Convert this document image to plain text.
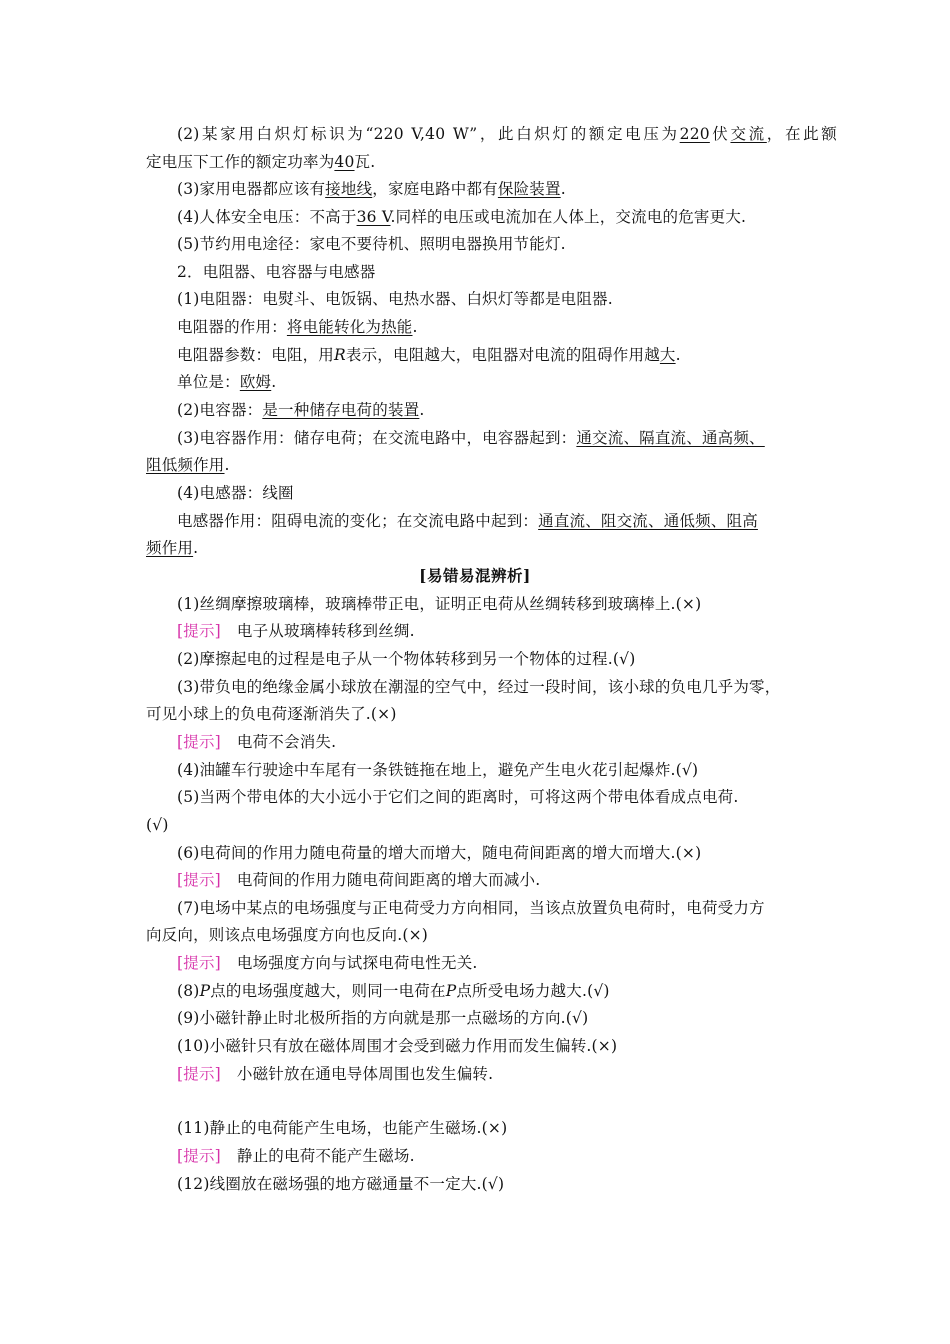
(2)某家用白炽灯标识为“220 V,40 W”，此白炽灯的额定电压为220伏交流，在此额
定电压下工作的额定功率为40瓦.
(3)家用电器都应该有接地线，家庭电路中都有保险装置.
(4)人体安全电压：不高于36 V.同样的电压或电流加在人体上，交流电的危害更大.
(5)节约用电途径：家电不要待机、照明电器换用节能灯.
2．电阻器、电容器与电感器
(1)电阻器：电熨斗、电饭锅、电热水器、白炽灯等都是电阻器.
电阻器的作用：将电能转化为热能.
电阻器参数：电阻，用R表示，电阻越大，电阻器对电流的阻碍作用越大.
单位是：欧姆.
(2)电容器：是一种储存电荷的装置.
(3)电容器作用：储存电荷；在交流电路中，电容器起到：通交流、隔直流、通高频、
阻低频作用.
(4)电感器：线圈
电感器作用：阻碍电流的变化；在交流电路中起到：通直流、阻交流、通低频、阻高
频作用.
[易错易混辨析]
(1)丝绸摩擦玻璃棒，玻璃棒带正电，证明正电荷从丝绸转移到玻璃棒上.(×)
[提示] 电子从玻璃棒转移到丝绸.
(2)摩擦起电的过程是电子从一个物体转移到另一个物体的过程.(√)
(3)带负电的绝缘金属小球放在潮湿的空气中，经过一段时间，该小球的负电几乎为零，
可见小球上的负电荷逐渐消失了.(×)
[提示] 电荷不会消失.
(4)油罐车行驶途中车尾有一条铁链拖在地上，避免产生电火花引起爆炸.(√)
(5)当两个带电体的大小远小于它们之间的距离时，可将这两个带电体看成点电荷.
(√)
(6)电荷间的作用力随电荷量的增大而增大，随电荷间距离的增大而增大.(×)
[提示] 电荷间的作用力随电荷间距离的增大而减小.
(7)电场中某点的电场强度与正电荷受力方向相同，当该点放置负电荷时，电荷受力方
向反向，则该点电场强度方向也反向.(×)
[提示] 电场强度方向与试探电荷电性无关.
(8)P点的电场强度越大，则同一电荷在P点所受电场力越大.(√)
(9)小磁针静止时北极所指的方向就是那一点磁场的方向.(√)
(10)小磁针只有放在磁体周围才会受到磁力作用而发生偏转.(×)
[提示] 小磁针放在通电导体周围也发生偏转.
(11)静止的电荷能产生电场，也能产生磁场.(×)
[提示] 静止的电荷不能产生磁场.
(12)线圈放在磁场强的地方磁通量不一定大.(√)
